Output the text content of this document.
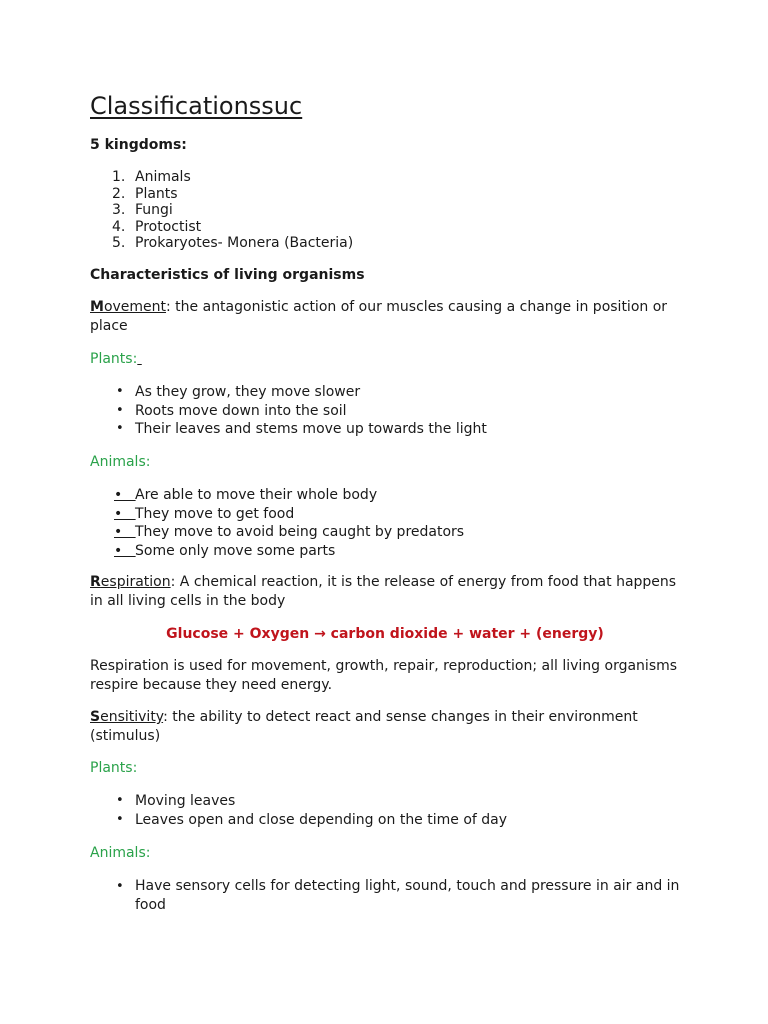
Classificationssuc
5 kingdoms:
1. Animals
2. Plants
3. Fungi
4. Protoctist
5. Prokaryotes- Monera (Bacteria)
Characteristics of living organisms
Movement: the antagonistic action of our muscles causing a change in position or place
Plants:
• As they grow, they move slower
• Roots move down into the soil
• Their leaves and stems move up towards the light
Animals:
• Are able to move their whole body
• They move to get food
• They move to avoid being caught by predators
• Some only move some parts
Respiration: A chemical reaction, it is the release of energy from food that happens in all living cells in the body
Glucose + Oxygen → carbon dioxide + water + (energy)
Respiration is used for movement, growth, repair, reproduction; all living organisms respire because they need energy.
Sensitivity: the ability to detect react and sense changes in their environment (stimulus)
Plants:
• Moving leaves
• Leaves open and close depending on the time of day
Animals:
• Have sensory cells for detecting light, sound, touch and pressure in air and in food
